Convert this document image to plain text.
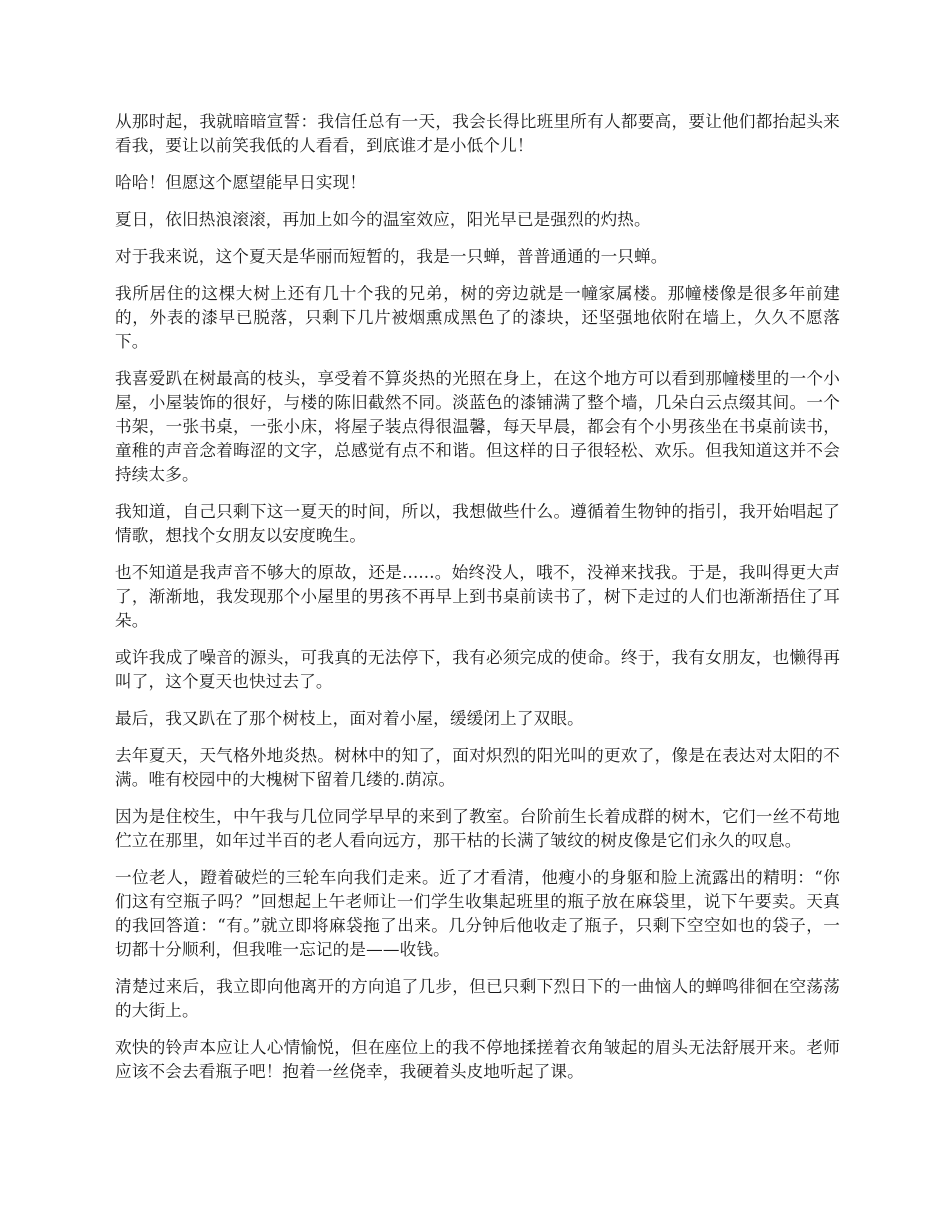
从那时起，我就暗暗宣誓：我信任总有一天，我会长得比班里所有人都要高，要让他们都抬起头来看我，要让以前笑我低的人看看，到底谁才是小低个儿！

哈哈！但愿这个愿望能早日实现！

夏日，依旧热浪滚滚，再加上如今的温室效应，阳光早已是强烈的灼热。

对于我来说，这个夏天是华丽而短暂的，我是一只蝉，普普通通的一只蝉。

我所居住的这棵大树上还有几十个我的兄弟，树的旁边就是一幢家属楼。那幢楼像是很多年前建的，外表的漆早已脱落，只剩下几片被烟熏成黑色了的漆块，还坚强地依附在墙上，久久不愿落下。

我喜爱趴在树最高的枝头，享受着不算炎热的光照在身上，在这个地方可以看到那幢楼里的一个小屋，小屋装饰的很好，与楼的陈旧截然不同。淡蓝色的漆铺满了整个墙，几朵白云点缀其间。一个书架，一张书桌，一张小床，将屋子装点得很温馨，每天早晨，都会有个小男孩坐在书桌前读书，童稚的声音念着晦涩的文字，总感觉有点不和谐。但这样的日子很轻松、欢乐。但我知道这并不会持续太多。

我知道，自己只剩下这一夏天的时间，所以，我想做些什么。遵循着生物钟的指引，我开始唱起了情歌，想找个女朋友以安度晚生。

也不知道是我声音不够大的原故，还是......。始终没人，哦不，没禅来找我。于是，我叫得更大声了，渐渐地，我发现那个小屋里的男孩不再早上到书桌前读书了，树下走过的人们也渐渐捂住了耳朵。

或许我成了噪音的源头，可我真的无法停下，我有必须完成的使命。终于，我有女朋友，也懒得再叫了，这个夏天也快过去了。

最后，我又趴在了那个树枝上，面对着小屋，缓缓闭上了双眼。

去年夏天，天气格外地炎热。树林中的知了，面对炽烈的阳光叫的更欢了，像是在表达对太阳的不满。唯有校园中的大槐树下留着几缕的.荫凉。

因为是住校生，中午我与几位同学早早的来到了教室。台阶前生长着成群的树木，它们一丝不苟地伫立在那里，如年过半百的老人看向远方，那干枯的长满了皱纹的树皮像是它们永久的叹息。

一位老人，蹬着破烂的三轮车向我们走来。近了才看清，他瘦小的身躯和脸上流露出的精明：“你们这有空瓶子吗？”回想起上午老师让一们学生收集起班里的瓶子放在麻袋里，说下午要卖。天真的我回答道：“有。”就立即将麻袋拖了出来。几分钟后他收走了瓶子，只剩下空空如也的袋子，一切都十分顺利，但我唯一忘记的是——收钱。

清楚过来后，我立即向他离开的方向追了几步，但已只剩下烈日下的一曲恼人的蝉鸣徘徊在空荡荡的大街上。

欢快的铃声本应让人心情愉悦，但在座位上的我不停地揉搓着衣角皱起的眉头无法舒展开来。老师应该不会去看瓶子吧！抱着一丝侥幸，我硬着头皮地听起了课。
